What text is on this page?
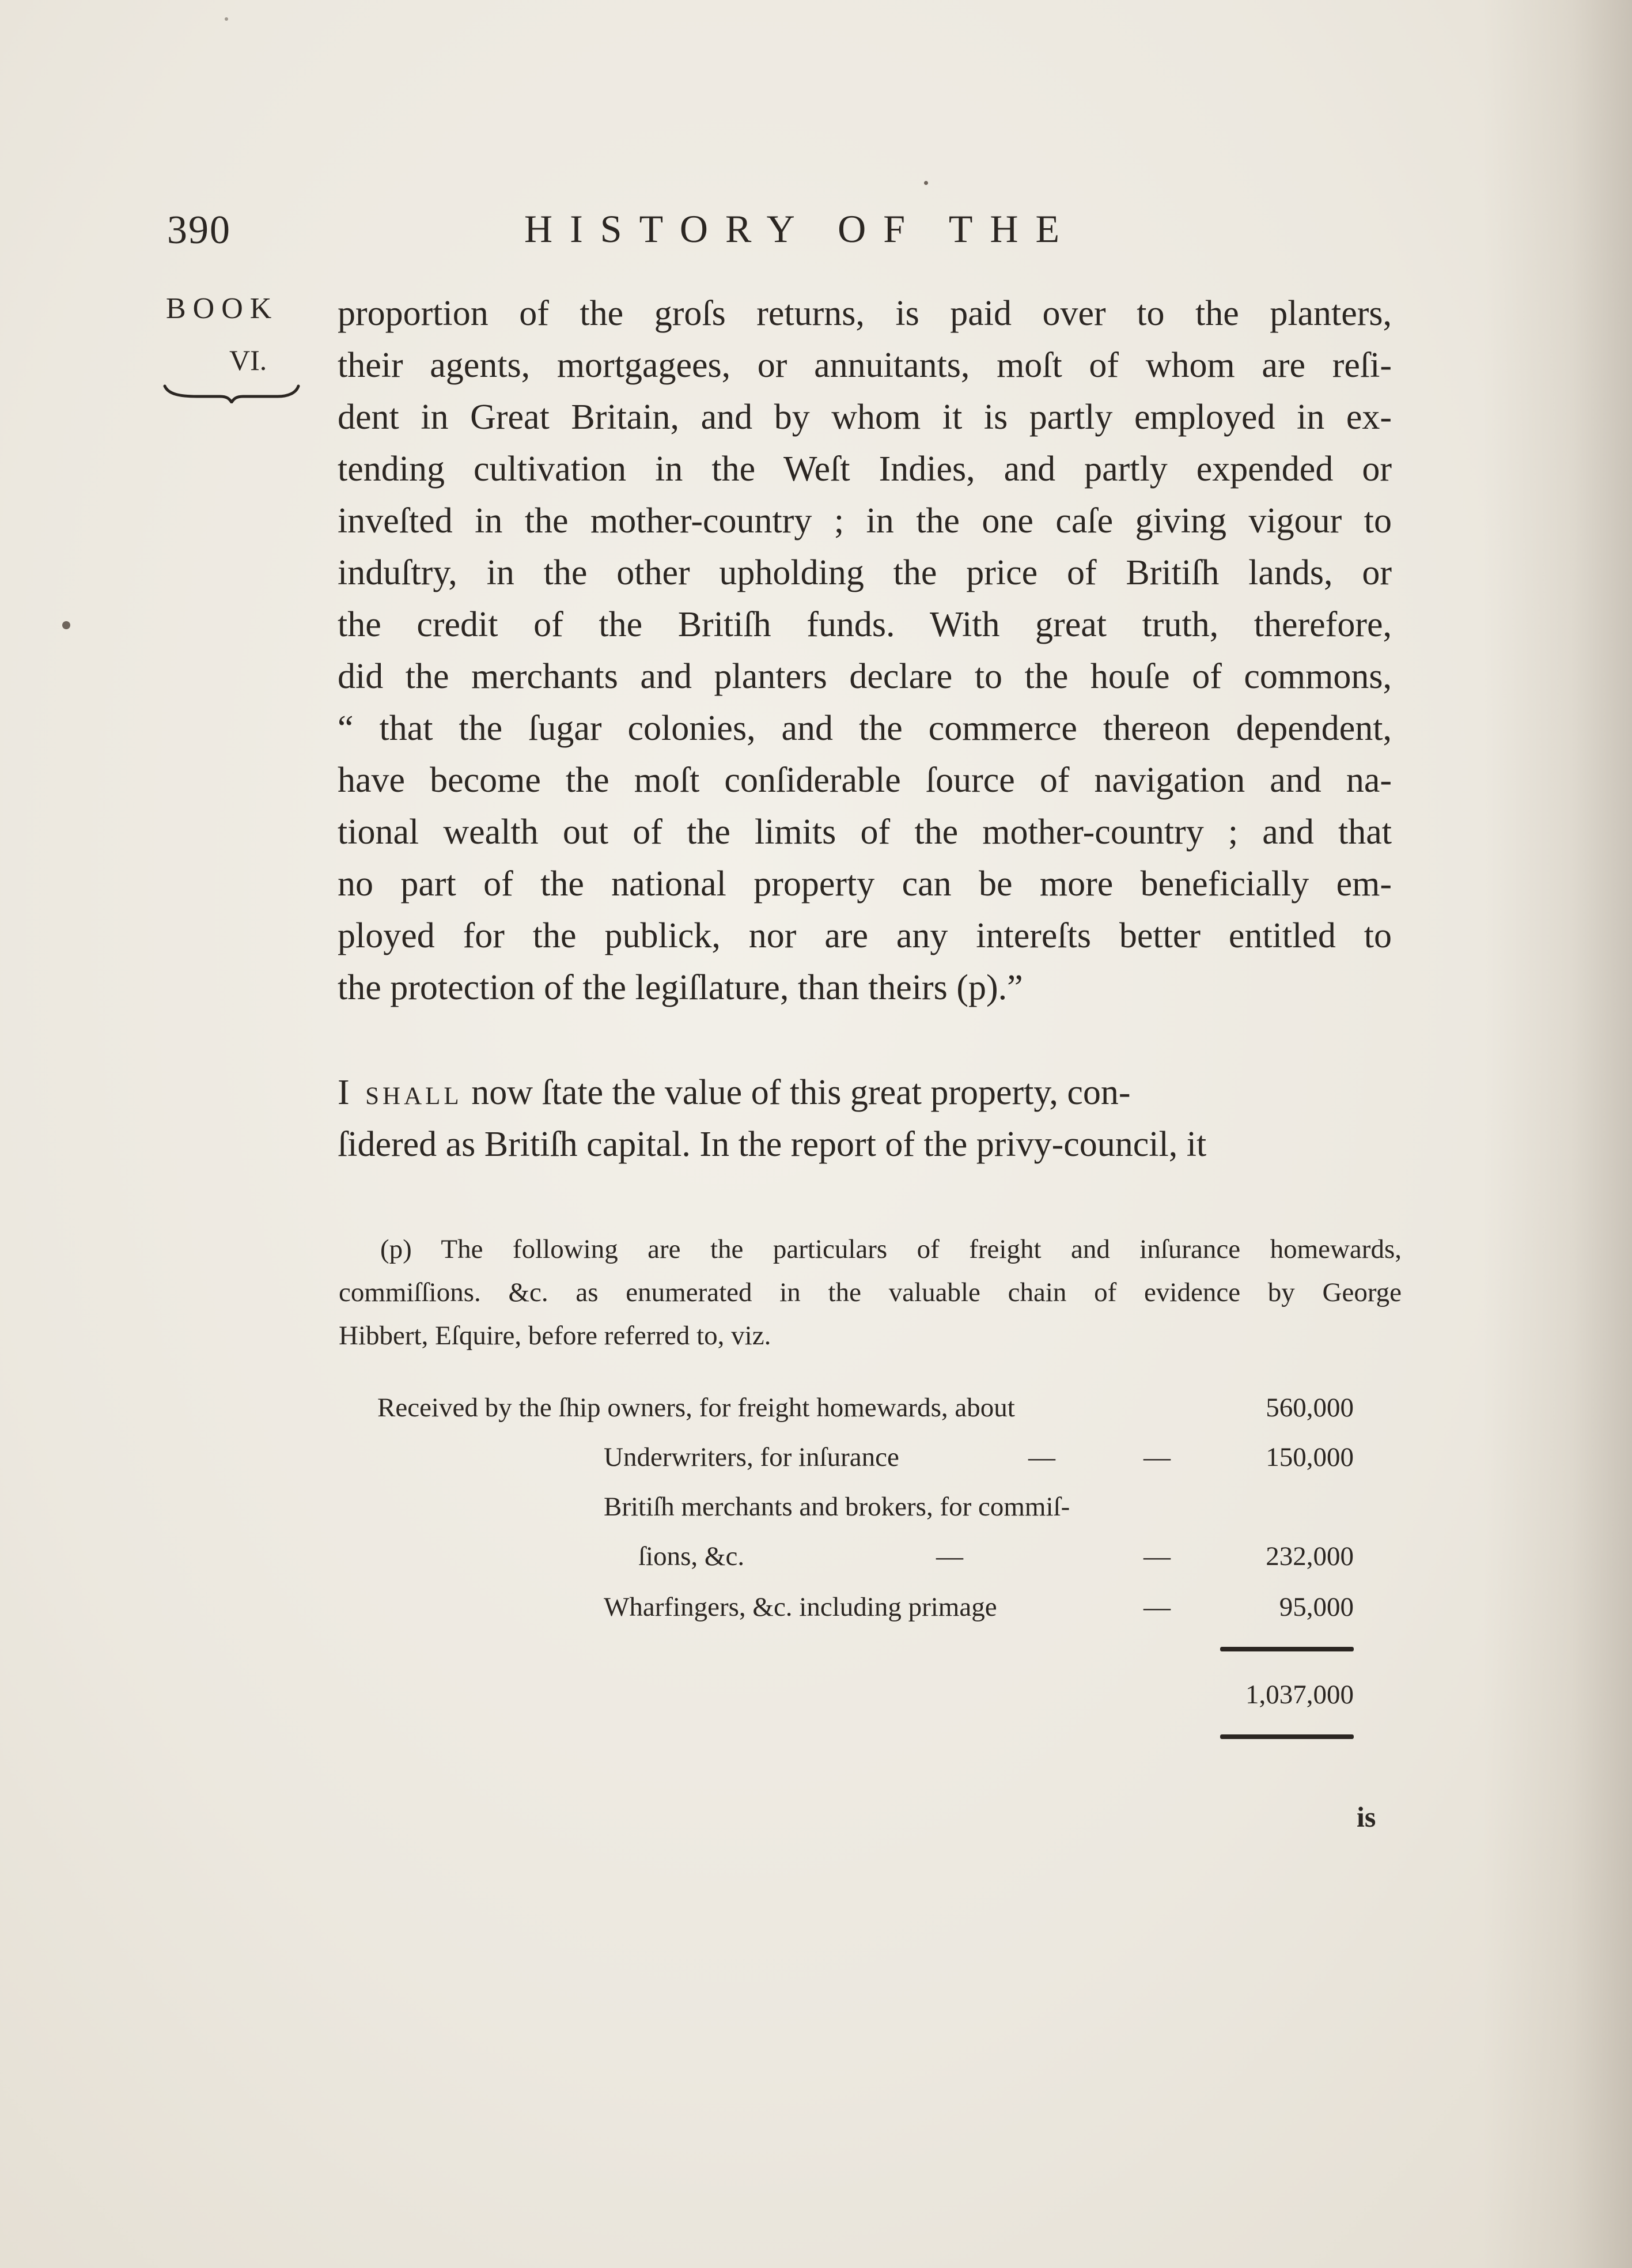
390	HISTORY OF THE
BOOK
VI.
proportion of the groſs returns, is paid over to the planters,
their agents, mortgagees, or annuitants, moſt of whom are reſi-
dent in Great Britain, and by whom it is partly employed in ex-
tending cultivation in the Weſt Indies, and partly expended or
inveſted in the mother-country ; in the one caſe giving vigour to
induſtry, in the other upholding the price of Britiſh lands, or
the credit of the Britiſh funds. With great truth, therefore,
did the merchants and planters declare to the houſe of commons,
“ that the ſugar colonies, and the commerce thereon dependent,
have become the moſt conſiderable ſource of navigation and na-
tional wealth out of the limits of the mother-country ; and that
no part of the national property can be more beneficially em-
ployed for the publick, nor are any intereſts better entitled to
the protection of the legiſlature, than theirs (p).”
I shall now ſtate the value of this great property, con-
ſidered as Britiſh capital. In the report of the privy-council, it
(p) The following are the particulars of freight and inſurance homewards,
commiſſions. &c. as enumerated in the valuable chain of evidence by George
Hibbert, Eſquire, before referred to, viz.
Received by the ſhip owners, for freight homewards, about	560,000
Underwriters, for inſurance	—	—	150,000
Britiſh merchants and brokers, for commiſ-
ſions, &c.	—	—	232,000
Wharfingers, &c. including primage	—	95,000
1,037,000
is
